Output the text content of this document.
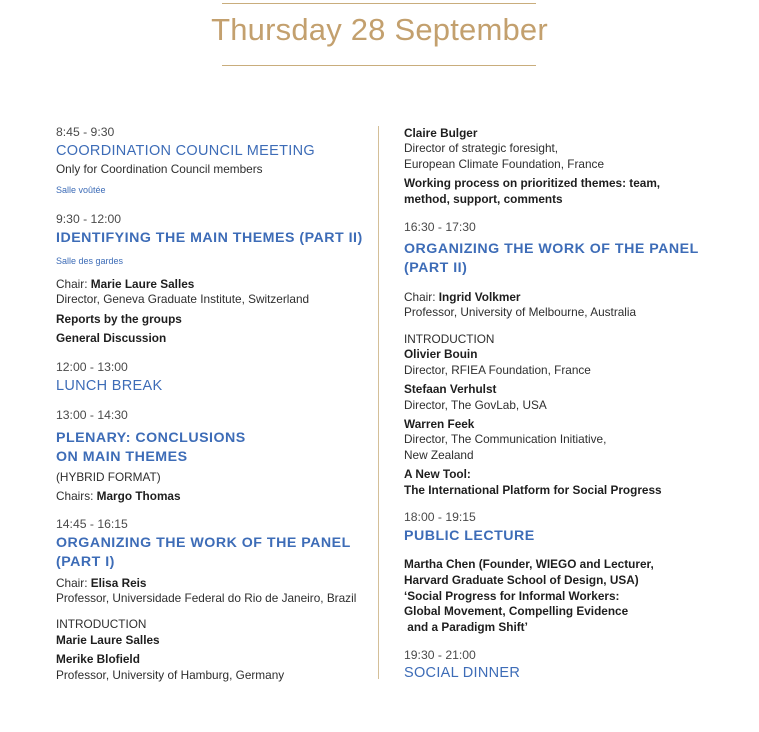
Thursday 28 September
8:45 - 9:30
COORDINATION COUNCIL MEETING
Only for Coordination Council members
Salle voûtée
9:30 - 12:00
IDENTIFYING THE MAIN THEMES (PART II)
Salle des gardes
Chair: Marie Laure Salles
Director, Geneva Graduate Institute, Switzerland
Reports by the groups
General Discussion
12:00 - 13:00
LUNCH BREAK
13:00 - 14:30
PLENARY: CONCLUSIONS
ON MAIN THEMES
(HYBRID FORMAT)
Chairs: Margo Thomas
14:45 - 16:15
ORGANIZING THE WORK OF THE PANEL
(PART I)
Chair: Elisa Reis
Professor, Universidade Federal do Rio de Janeiro, Brazil
INTRODUCTION
Marie Laure Salles
Merike Blofield
Professor, University of Hamburg, Germany
Claire Bulger
Director of strategic foresight,
European Climate Foundation, France
Working process on prioritized themes: team,
method, support, comments
16:30 - 17:30
ORGANIZING THE WORK OF THE PANEL
(PART II)
Chair: Ingrid Volkmer
Professor, University of Melbourne, Australia
INTRODUCTION
Olivier Bouin
Director, RFIEA Foundation, France
Stefaan Verhulst
Director, The GovLab, USA
Warren Feek
Director, The Communication Initiative,
New Zealand
A New Tool:
The International Platform for Social Progress
18:00 - 19:15
PUBLIC LECTURE
Martha Chen (Founder, WIEGO and Lecturer,
Harvard Graduate School of Design, USA)
‘Social Progress for Informal Workers:
Global Movement, Compelling Evidence
and a Paradigm Shift’
19:30 - 21:00
SOCIAL DINNER
